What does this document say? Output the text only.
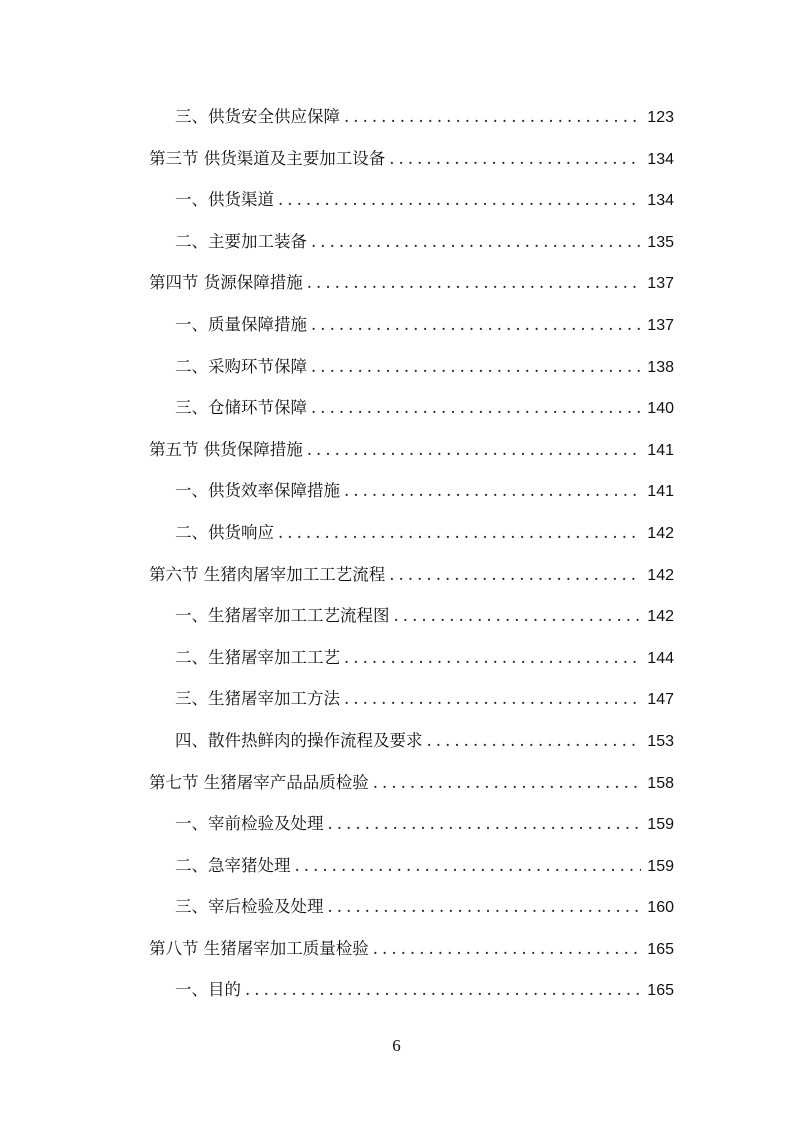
三、供货安全供应保障 . . .	123
第三节 供货渠道及主要加工设备 . . .	134
一、供货渠道 . . .	134
二、主要加工装备 . . .	135
第四节 货源保障措施 . . .	137
一、质量保障措施 . . .	137
二、采购环节保障 . . .	138
三、仓储环节保障 . . .	140
第五节 供货保障措施 . . .	141
一、供货效率保障措施 . . .	141
二、供货响应 . . .	142
第六节 生猪肉屠宰加工工艺流程 . . .	142
一、生猪屠宰加工工艺流程图 . . .	142
二、生猪屠宰加工工艺 . . .	144
三、生猪屠宰加工方法 . . .	147
四、散件热鲜肉的操作流程及要求 . . .	153
第七节 生猪屠宰产品品质检验 . . .	158
一、宰前检验及处理 . . .	159
二、急宰猪处理 . . .	159
三、宰后检验及处理 . . .	160
第八节 生猪屠宰加工质量检验 . . .	165
一、目的 . . .	165
6
